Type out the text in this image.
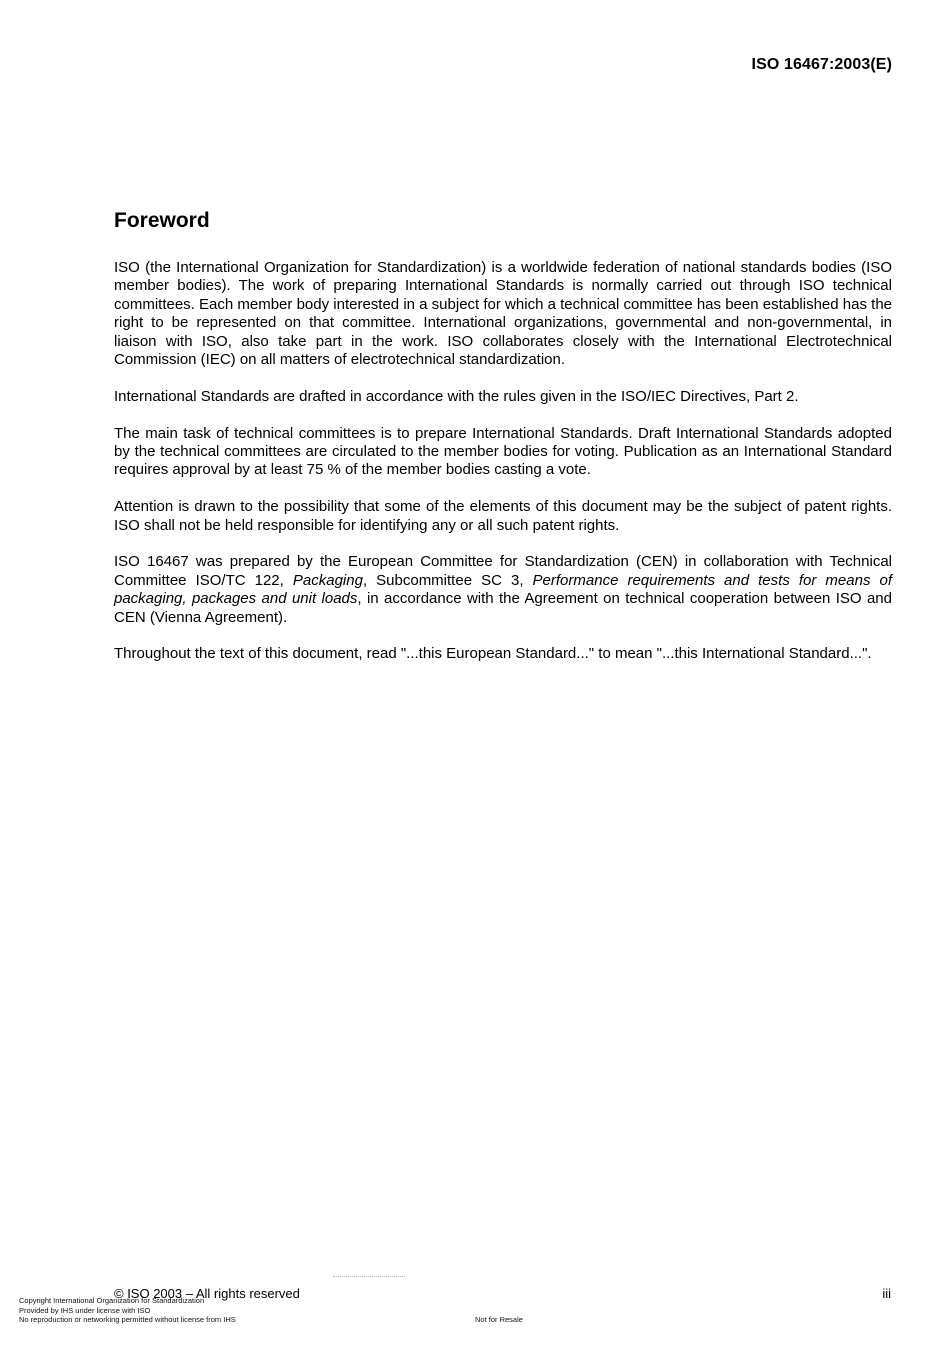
ISO 16467:2003(E)
Foreword

ISO (the International Organization for Standardization) is a worldwide federation of national standards bodies (ISO member bodies). The work of preparing International Standards is normally carried out through ISO technical committees. Each member body interested in a subject for which a technical committee has been established has the right to be represented on that committee. International organizations, governmental and non-governmental, in liaison with ISO, also take part in the work. ISO collaborates closely with the International Electrotechnical Commission (IEC) on all matters of electrotechnical standardization.

International Standards are drafted in accordance with the rules given in the ISO/IEC Directives, Part 2.

The main task of technical committees is to prepare International Standards. Draft International Standards adopted by the technical committees are circulated to the member bodies for voting. Publication as an International Standard requires approval by at least 75 % of the member bodies casting a vote.

Attention is drawn to the possibility that some of the elements of this document may be the subject of patent rights. ISO shall not be held responsible for identifying any or all such patent rights.

ISO 16467 was prepared by the European Committee for Standardization (CEN) in collaboration with Technical Committee ISO/TC 122, Packaging, Subcommittee SC 3, Performance requirements and tests for means of packaging, packages and unit loads, in accordance with the Agreement on technical cooperation between ISO and CEN (Vienna Agreement).

Throughout the text of this document, read "...this European Standard..." to mean "...this International Standard...".

© ISO 2003 – All rights reserved	iii
Copyright International Organization for Standardization
Provided by IHS under license with ISO
No reproduction or networking permitted without license from IHS	Not for Resale
